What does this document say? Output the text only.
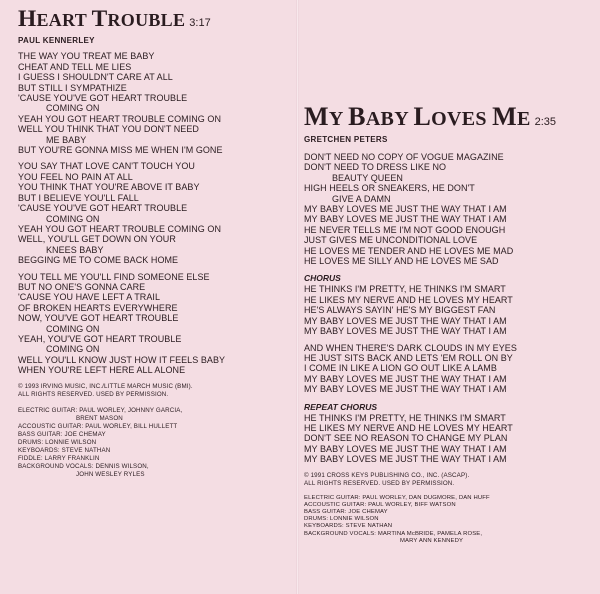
HEART TROUBLE 3:17
PAUL KENNERLEY
THE WAY YOU TREAT ME BABY
CHEAT AND TELL ME LIES
I GUESS I SHOULDN'T CARE AT ALL
BUT STILL I SYMPATHIZE
'CAUSE YOU'VE GOT HEART TROUBLE
COMING ON
YEAH YOU GOT HEART TROUBLE COMING ON
WELL YOU THINK THAT YOU DON'T NEED
ME BABY
BUT YOU'RE GONNA MISS ME WHEN I'M GONE
YOU SAY THAT LOVE CAN'T TOUCH YOU
YOU FEEL NO PAIN AT ALL
YOU THINK THAT YOU'RE ABOVE IT BABY
BUT I BELIEVE YOU'LL FALL
'CAUSE YOU'VE GOT HEART TROUBLE
COMING ON
YEAH YOU GOT HEART TROUBLE COMING ON
WELL, YOU'LL GET DOWN ON YOUR
KNEES BABY
BEGGING ME TO COME BACK HOME
YOU TELL ME YOU'LL FIND SOMEONE ELSE
BUT NO ONE'S GONNA CARE
'CAUSE YOU HAVE LEFT A TRAIL
OF BROKEN HEARTS EVERYWHERE
NOW, YOU'VE GOT HEART TROUBLE
COMING ON
YEAH, YOU'VE GOT HEART TROUBLE
COMING ON
WELL YOU'LL KNOW JUST HOW IT FEELS BABY
WHEN YOU'RE LEFT HERE ALL ALONE
© 1993 IRVING MUSIC, INC./LITTLE MARCH MUSIC (BMI).
ALL RIGHTS RESERVED. USED BY PERMISSION.
ELECTRIC GUITAR: PAUL WORLEY, JOHNNY GARCIA,
BRENT MASON
ACCOUSTIC GUITAR: PAUL WORLEY, BILL HULLETT
BASS GUITAR: JOE CHEMAY
DRUMS: LONNIE WILSON
KEYBOARDS: STEVE NATHAN
FIDDLE: LARRY FRANKLIN
BACKGROUND VOCALS: DENNIS WILSON,
JOHN WESLEY RYLES
MY BABY LOVES ME 2:35
GRETCHEN PETERS
DON'T NEED NO COPY OF VOGUE MAGAZINE
DON'T NEED TO DRESS LIKE NO
BEAUTY QUEEN
HIGH HEELS OR SNEAKERS, HE DON'T
GIVE A DAMN
MY BABY LOVES ME JUST THE WAY THAT I AM
MY BABY LOVES ME JUST THE WAY THAT I AM
HE NEVER TELLS ME I'M NOT GOOD ENOUGH
JUST GIVES ME UNCONDITIONAL LOVE
HE LOVES ME TENDER AND HE LOVES ME MAD
HE LOVES ME SILLY AND HE LOVES ME SAD
CHORUS
HE THINKS I'M PRETTY, HE THINKS I'M SMART
HE LIKES MY NERVE AND HE LOVES MY HEART
HE'S ALWAYS SAYIN' HE'S MY BIGGEST FAN
MY BABY LOVES ME JUST THE WAY THAT I AM
MY BABY LOVES ME JUST THE WAY THAT I AM
AND WHEN THERE'S DARK CLOUDS IN MY EYES
HE JUST SITS BACK AND LETS 'EM ROLL ON BY
I COME IN LIKE A LION GO OUT LIKE A LAMB
MY BABY LOVES ME JUST THE WAY THAT I AM
MY BABY LOVES ME JUST THE WAY THAT I AM
REPEAT CHORUS
HE THINKS I'M PRETTY, HE THINKS I'M SMART
HE LIKES MY NERVE AND HE LOVES MY HEART
DON'T SEE NO REASON TO CHANGE MY PLAN
MY BABY LOVES ME JUST THE WAY THAT I AM
MY BABY LOVES ME JUST THE WAY THAT I AM
© 1991 CROSS KEYS PUBLISHING CO., INC. (ASCAP).
ALL RIGHTS RESERVED. USED BY PERMISSION.
ELECTRIC GUITAR: PAUL WORLEY, DAN DUGMORE, DAN HUFF
ACCOUSTIC GUITAR: PAUL WORLEY, BIFF WATSON
BASS GUITAR: JOE CHEMAY
DRUMS: LONNIE WILSON
KEYBOARDS: STEVE NATHAN
BACKGROUND VOCALS: MARTINA McBRIDE, PAMELA ROSE,
MARY ANN KENNEDY
